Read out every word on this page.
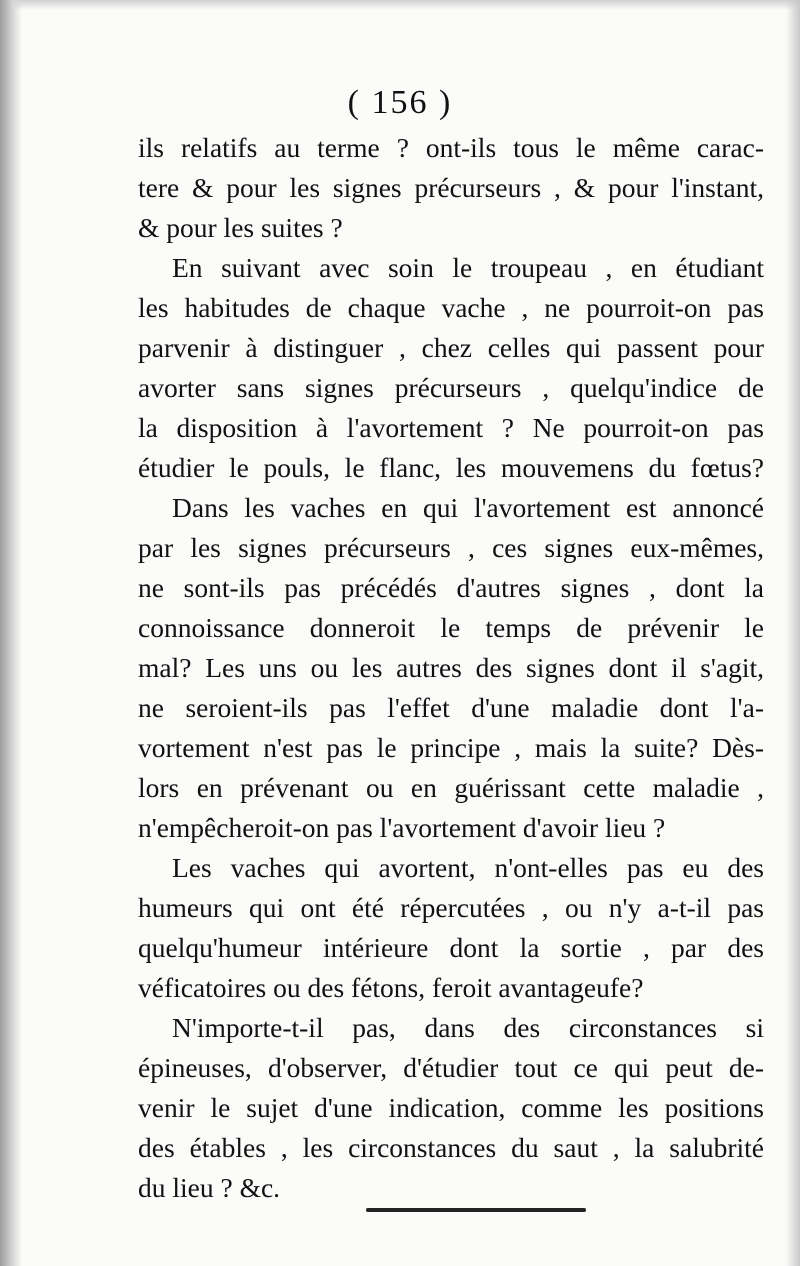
( 156 )
ils relatifs au terme ? ont-ils tous le même carac-
tere & pour les signes précurseurs , & pour l'instant,
& pour les suites ?
En suivant avec soin le troupeau , en étudiant
les habitudes de chaque vache , ne pourroit-on pas
parvenir à distinguer , chez celles qui passent pour
avorter sans signes précurseurs , quelqu'indice de
la disposition à l'avortement ? Ne pourroit-on pas
étudier le pouls, le flanc, les mouvemens du fœtus?
Dans les vaches en qui l'avortement est annoncé
par les signes précurseurs , ces signes eux-mêmes,
ne sont-ils pas précédés d'autres signes , dont la
connoissance donneroit le temps de prévenir le
mal? Les uns ou les autres des signes dont il s'agit,
ne seroient-ils pas l'effet d'une maladie dont l'a-
vortement n'est pas le principe , mais la suite? Dès-
lors en prévenant ou en guérissant cette maladie ,
n'empêcheroit-on pas l'avortement d'avoir lieu ?
Les vaches qui avortent, n'ont-elles pas eu des
humeurs qui ont été répercutées , ou n'y a-t-il pas
quelqu'humeur intérieure dont la sortie , par des
véficatoires ou des fétons, feroit avantageufe?
N'importe-t-il pas, dans des circonstances si
épineuses, d'observer, d'étudier tout ce qui peut de-
venir le sujet d'une indication, comme les positions
des étables , les circonstances du saut , la salubrité
du lieu ? &c.
